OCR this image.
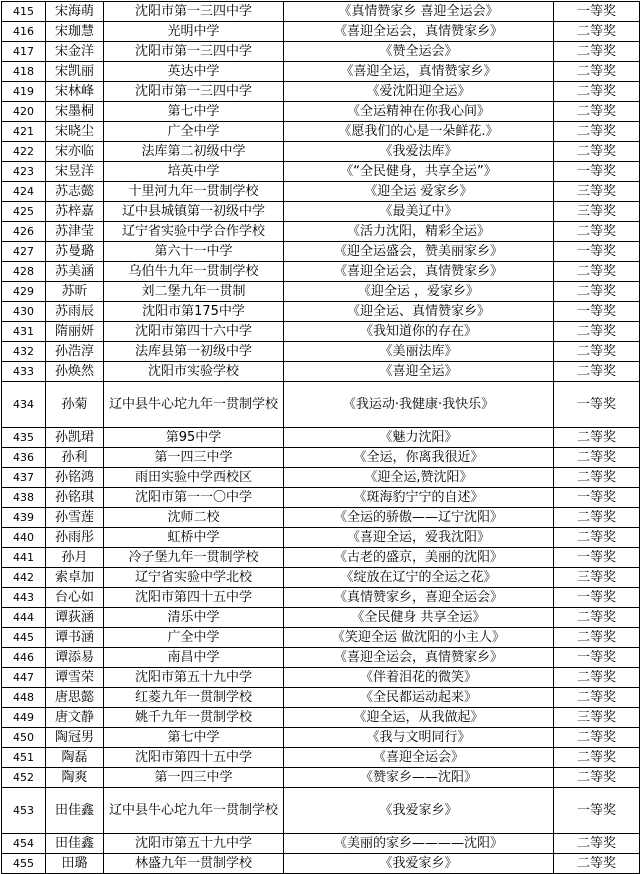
415	宋海萌	沈阳市第一三四中学	《真情赞家乡 喜迎全运会》	一等奖
416	宋珈慧	光明中学	《喜迎全运会，真情赞家乡》	二等奖
417	宋金洋	沈阳市第一三四中学	《赞全运会》	二等奖
418	宋凯丽	英达中学	《喜迎全运，真情赞家乡》	二等奖
419	宋林峰	沈阳市第一三四中学	《爱沈阳迎全运》	二等奖
420	宋墨桐	第七中学	《全运精神在你我心间》	二等奖
421	宋晓尘	广全中学	《愿我们的心是一朵鲜花.》	二等奖
422	宋亦临	法库第二初级中学	《我爱法库》	二等奖
423	宋昱洋	培英中学	《“全民健身，共享全运”》	一等奖
424	苏志懿	十里河九年一贯制学校	《迎全运 爱家乡》	三等奖
425	苏梓嘉	辽中县城镇第一初级中学	《最美辽中》	三等奖
426	苏津莹	辽宁省实验中学合作学校	《活力沈阳，精彩全运》	二等奖
427	苏曼璐	第六十一中学	《迎全运盛会，赞美丽家乡》	一等奖
428	苏美涵	乌伯牛九年一贯制学校	《喜迎全运会，真情赞家乡》	二等奖
429	苏昕	刘二堡九年一贯制	《迎全运 ，爱家乡》	二等奖
430	苏雨辰	沈阳市第175中学	《迎全运、真情赞家乡》	一等奖
431	隋丽妍	沈阳市第四十六中学	《我知道你的存在》	二等奖
432	孙浩淳	法库县第一初级中学	《美丽法库》	二等奖
433	孙焕然	沈阳市实验学校	《喜迎全运》	二等奖
434	孙菊	辽中县牛心坨九年一贯制学校	《我运动·我健康·我快乐》	一等奖
435	孙凯珺	第95中学	《魅力沈阳》	二等奖
436	孙利	第一四三中学	《全运，你离我很近》	二等奖
437	孙铭鸿	雨田实验中学西校区	《迎全运,赞沈阳》	二等奖
438	孙铭琪	沈阳市第一一〇中学	《斑海豹宁宁的自述》	一等奖
439	孙雪莲	沈师二校	《全运的骄傲——辽宁沈阳》	二等奖
440	孙雨彤	虹桥中学	《喜迎全运，爱我沈阳》	二等奖
441	孙月	冷子堡九年一贯制学校	《古老的盛京，美丽的沈阳》	一等奖
442	索卓加	辽宁省实验中学北校	《绽放在辽宁的全运之花》	三等奖
443	台心如	沈阳市第四十五中学	《真情赞家乡，喜迎全运会》	一等奖
444	谭荻涵	清乐中学	《全民健身 共享全运》	二等奖
445	谭书涵	广全中学	《笑迎全运 做沈阳的小主人》	二等奖
446	谭添易	南昌中学	《喜迎全运会，真情赞家乡》	一等奖
447	谭雪荣	沈阳市第五十九中学	《伴着泪花的微笑》	二等奖
448	唐思懿	红菱九年一贯制学校	《全民都运动起来》	二等奖
449	唐文静	姚千九年一贯制学校	《迎全运，从我做起》	三等奖
450	陶冠男	第七中学	《我与文明同行》	二等奖
451	陶磊	沈阳市第四十五中学	《喜迎全运会》	二等奖
452	陶爽	第一四三中学	《赞家乡——沈阳》	二等奖
453	田佳鑫	辽中县牛心坨九年一贯制学校	《我爱家乡》	一等奖
454	田佳鑫	沈阳市第五十九中学	《美丽的家乡————沈阳》	二等奖
455	田璐	林盛九年一贯制学校	《我爱家乡》	二等奖
